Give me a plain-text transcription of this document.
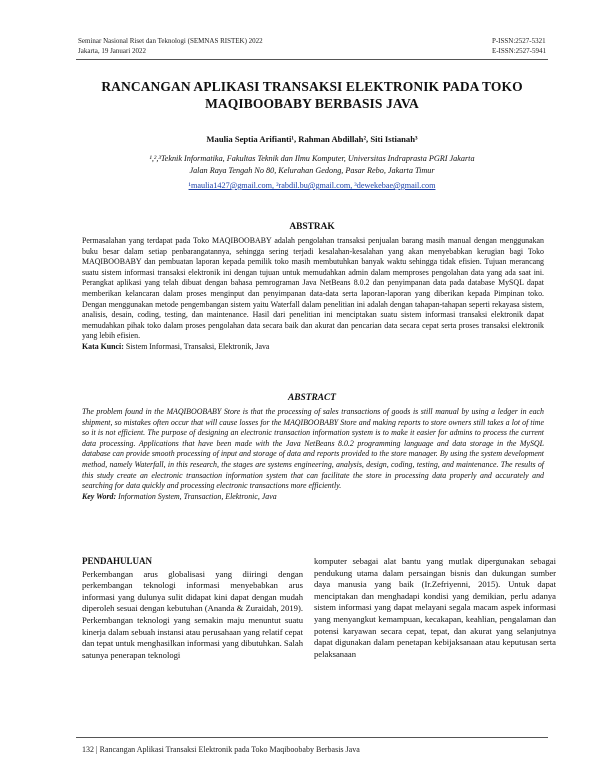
Seminar Nasional Riset dan Teknologi (SEMNAS RISTEK) 2022
Jakarta, 19 Januari 2022
P-ISSN:2527-5321
E-ISSN:2527-5941
RANCANGAN APLIKASI TRANSAKSI ELEKTRONIK PADA TOKO
MAQIBOOBABY BERBASIS JAVA
Maulia Septia Arifianti¹, Rahman Abdillah², Siti Istianah³
¹,²,³Teknik Informatika, Fakultas Teknik dan Ilmu Komputer, Universitas Indraprasta PGRI Jakarta
Jalan Raya Tengah No 80, Kelurahan Gedong, Pasar Rebo, Jakarta Timur
¹maulia1427@gmail.com, ²rabdil.bu@gmail.com, ³dewekebae@gmail.com
ABSTRAK
Permasalahan yang terdapat pada Toko MAQIBOOBABY adalah pengolahan transaksi penjualan barang masih manual dengan menggunakan buku besar dalam setiap penbarangatannya, sehingga sering terjadi kesalahan-kesalahan yang akan menyebabkan kerugian bagi Toko MAQIBOOBABY dan pembuatan laporan kepada pemilik toko masih membutuhkan banyak waktu sehingga tidak efisien. Tujuan merancang suatu sistem informasi transaksi elektronik ini dengan tujuan untuk memudahkan admin dalam memproses pengolahan data yang ada saat ini. Perangkat aplikasi yang telah dibuat dengan bahasa pemrograman Java NetBeans 8.0.2 dan penyimpanan data pada database MySQL dapat memberikan kelancaran dalam proses menginput dan penyimpanan data-data serta laporan-laporan yang diberikan kepada Pimpinan toko. Dengan menggunakan metode pengembangan sistem yaitu Waterfall dalam penelitian ini adalah dengan tahapan-tahapan seperti rekayasa sistem, analisis, desain, coding, testing, dan maintenance. Hasil dari penelitian ini menciptakan suatu sistem informasi transaksi elektronik dapat memudahkan pihak toko dalam proses pengolahan data secara baik dan akurat dan pencarian data secara cepat serta proses transaksi elektronik yang lebih efisien.
Kata Kunci: Sistem Informasi, Transaksi, Elektronik, Java
ABSTRACT
The problem found in the MAQIBOOBABY Store is that the processing of sales transactions of goods is still manual by using a ledger in each shipment, so mistakes often occur that will cause losses for the MAQIBOOBABY Store and making reports to store owners still takes a lot of time so it is not efficient. The purpose of designing an electronic transaction information system is to make it easier for admins to process the current data processing. Applications that have been made with the Java NetBeans 8.0.2 programming language and data storage in the MySQL database can provide smooth processing of input and storage of data and reports provided to the store manager. By using the system development method, namely Waterfall, in this research, the stages are systems engineering, analysis, design, coding, testing, and maintenance. The results of this study create an electronic transaction information system that can facilitate the store in processing data properly and accurately and searching for data quickly and processing electronic transactions more efficiently.
Key Word: Information System, Transaction, Elektronic, Java
PENDAHULUAN
Perkembangan arus globalisasi yang diiringi dengan perkembangan teknologi informasi menyebabkan arus informasi yang dulunya sulit didapat kini dapat dengan mudah diperoleh sesuai dengan kebutuhan (Ananda & Zuraidah, 2019). Perkembangan teknologi yang semakin maju menuntut suatu kinerja dalam sebuah instansi atau perusahaan yang relatif cepat dan tepat untuk menghasilkan informasi yang dibutuhkan. Salah satunya penerapan teknologi
komputer sebagai alat bantu yang mutlak dipergunakan sebagai pendukung utama dalam persaingan bisnis dan dukungan sumber daya manusia yang baik (Ir.Zefriyenni, 2015). Untuk dapat menciptakan dan menghadapi kondisi yang demikian, perlu adanya sistem informasi yang dapat melayani segala macam aspek informasi yang menyangkut kemampuan, kecakapan, keahlian, pengalaman dan potensi karyawan secara cepat, tepat, dan akurat yang selanjutnya dapat digunakan dalam penetapan kebijaksanaan atau keputusan serta pelaksanaan
132 | Rancangan Aplikasi Transaksi Elektronik pada Toko Maqiboobaby Berbasis Java
